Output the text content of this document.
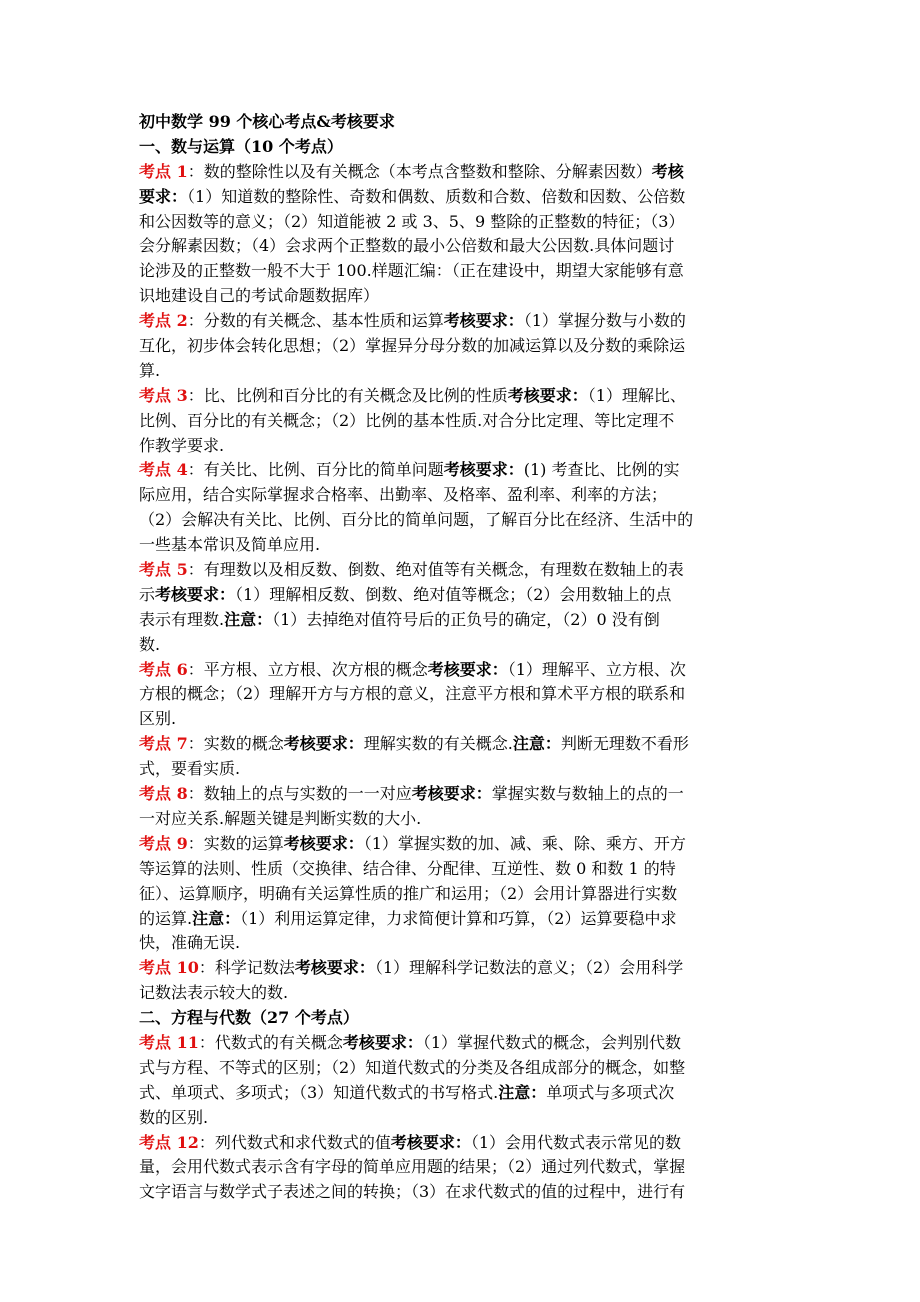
初中数学 99 个核心考点&考核要求
一、数与运算（10 个考点）
考点 1：数的整除性以及有关概念（本考点含整数和整除、分解素因数）考核
要求：（1）知道数的整除性、奇数和偶数、质数和合数、倍数和因数、公倍数
和公因数等的意义；（2）知道能被 2 或 3、5、9 整除的正整数的特征；（3）
会分解素因数；（4）会求两个正整数的最小公倍数和最大公因数.具体问题讨
论涉及的正整数一般不大于 100.样题汇编：（正在建设中，期望大家能够有意
识地建设自己的考试命题数据库）
考点 2：分数的有关概念、基本性质和运算考核要求：（1）掌握分数与小数的
互化，初步体会转化思想；（2）掌握异分母分数的加减运算以及分数的乘除运
算.
考点 3：比、比例和百分比的有关概念及比例的性质考核要求：（1）理解比、
比例、百分比的有关概念；（2）比例的基本性质.对合分比定理、等比定理不
作教学要求.
考点 4：有关比、比例、百分比的简单问题考核要求：(1) 考查比、比例的实
际应用，结合实际掌握求合格率、出勤率、及格率、盈利率、利率的方法；
（2）会解决有关比、比例、百分比的简单问题，了解百分比在经济、生活中的
一些基本常识及简单应用.
考点 5：有理数以及相反数、倒数、绝对值等有关概念，有理数在数轴上的表
示考核要求：（1）理解相反数、倒数、绝对值等概念；（2）会用数轴上的点
表示有理数.注意：（1）去掉绝对值符号后的正负号的确定，（2）0 没有倒
数.
考点 6：平方根、立方根、次方根的概念考核要求：（1）理解平、立方根、次
方根的概念；（2）理解开方与方根的意义，注意平方根和算术平方根的联系和
区别.
考点 7：实数的概念考核要求：理解实数的有关概念.注意：判断无理数不看形
式，要看实质.
考点 8：数轴上的点与实数的一一对应考核要求：掌握实数与数轴上的点的一
一对应关系.解题关键是判断实数的大小.
考点 9：实数的运算考核要求：（1）掌握实数的加、减、乘、除、乘方、开方
等运算的法则、性质（交换律、结合律、分配律、互逆性、数 0 和数 1 的特
征）、运算顺序，明确有关运算性质的推广和运用；（2）会用计算器进行实数
的运算.注意：（1）利用运算定律，力求简便计算和巧算，（2）运算要稳中求
快，准确无误.
考点 10：科学记数法考核要求：（1）理解科学记数法的意义；（2）会用科学
记数法表示较大的数.
二、方程与代数（27 个考点）
考点 11：代数式的有关概念考核要求：（1）掌握代数式的概念，会判别代数
式与方程、不等式的区别；（2）知道代数式的分类及各组成部分的概念，如整
式、单项式、多项式；（3）知道代数式的书写格式.注意：单项式与多项式次
数的区别.
考点 12：列代数式和求代数式的值考核要求：（1）会用代数式表示常见的数
量，会用代数式表示含有字母的简单应用题的结果；（2）通过列代数式，掌握
文字语言与数学式子表述之间的转换；（3）在求代数式的值的过程中，进行有
